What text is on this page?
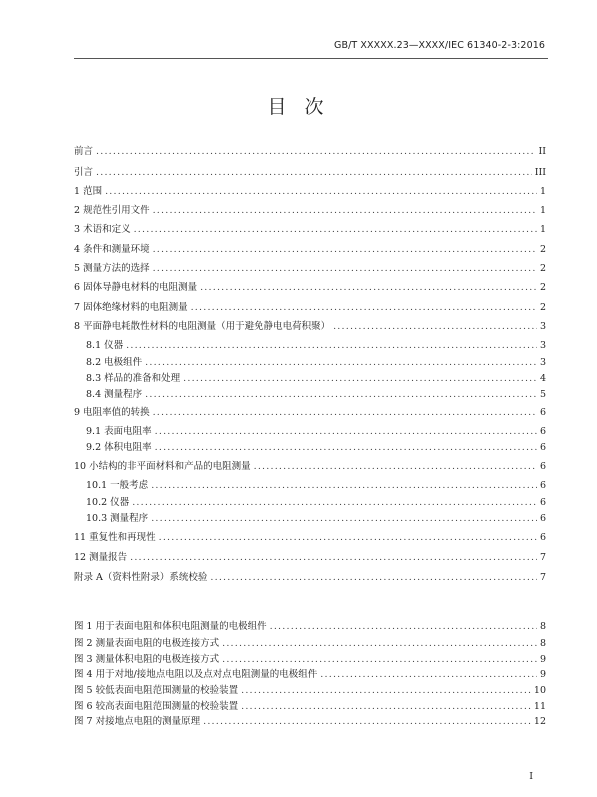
GB/T XXXXX.23—XXXX/IEC 61340-2-3:2016
目 次
前言 .....	II
引言 .....	III
1 范围 .....	1
2 规范性引用文件 .....	1
3 术语和定义 .....	1
4 条件和测量环境 .....	2
5 测量方法的选择 .....	2
6 固体导静电材料的电阻测量 .....	2
7 固体绝缘材料的电阻测量 .....	2
8 平面静电耗散性材料的电阻测量（用于避免静电电荷积聚） .....	3
8.1 仪器 .....	3
8.2 电极组件 .....	3
8.3 样品的准备和处理 .....	4
8.4 测量程序 .....	5
9 电阻率值的转换 .....	6
9.1 表面电阻率 .....	6
9.2 体积电阻率 .....	6
10 小结构的非平面材料和产品的电阻测量 .....	6
10.1 一般考虑 .....	6
10.2 仪器 .....	6
10.3 测量程序 .....	6
11 重复性和再现性 .....	6
12 测量报告 .....	7
附录 A（资料性附录）系统校验 .....	7
图 1 用于表面电阻和体积电阻测量的电极组件 .....	8
图 2 测量表面电阻的电极连接方式 .....	8
图 3 测量体积电阻的电极连接方式 .....	9
图 4 用于对地/接地点电阻以及点对点电阻测量的电极组件 .....	9
图 5 较低表面电阻范围测量的校验装置 .....	10
图 6 较高表面电阻范围测量的校验装置 .....	11
图 7 对接地点电阻的测量原理 .....	12
I
